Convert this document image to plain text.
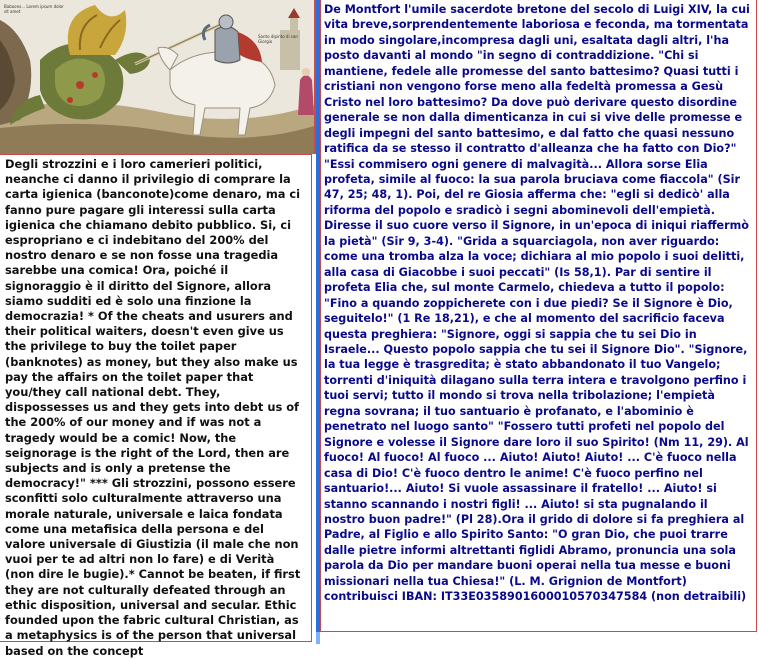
Baboons... Lorem ipsum dolor sit amet
Santo dipinto di san Giorgio
Degli strozzini e i loro camerieri politici, neanche ci danno il privilegio di comprare la carta igienica (banconote)come denaro, ma ci fanno pure pagare gli interessi sulla carta igienica che chiamano debito pubblico. Si, ci espropriano e ci indebitano del 200% del nostro denaro e se non fosse una tragedia sarebbe una comica! Ora, poiché il signoraggio è il diritto del Signore, allora siamo sudditi ed è solo una finzione la democrazia! * Of the cheats and usurers and their political waiters, doesn't even give us the privilege to buy the toilet paper (banknotes) as money, but they also make us pay the affairs on the toilet paper that you/they call national debt. They, dispossesses us and they gets into debt us of the 200% of our money and if was not a tragedy would be a comic! Now, the seignorage is the right of the Lord, then are subjects and is only a pretense the democracy!" *** Gli strozzini, possono essere sconfitti solo culturalmente attraverso una morale naturale, universale e laica fondata come una metafisica della persona e del valore universale di Giustizia (il male che non vuoi per te ad altri non lo fare) e di Verità (non dire le bugie).* Cannot be beaten, if first they are not culturally defeated through an ethic disposition, universal and secular. Ethic founded upon the fabric cultural Christian, as a metaphysics is of the person that universal based on the concept
De Montfort l'umile sacerdote bretone del secolo di Luigi XIV, la cui vita breve,sorprendentemente laboriosa e feconda, ma tormentata in modo singolare,incompresa dagli uni, esaltata dagli altri, l'ha posto davanti al mondo "in segno di contraddizione. "Chi si mantiene, fedele alle promesse del santo battesimo? Quasi tutti i cristiani non vengono forse meno alla fedeltà promessa a Gesù Cristo nel loro battesimo? Da dove può derivare questo disordine generale se non dalla dimenticanza in cui si vive delle promesse e degli impegni del santo battesimo, e dal fatto che quasi nessuno ratifica da se stesso il contratto d'alleanza che ha fatto con Dio?" "Essi commisero ogni genere di malvagità... Allora sorse Elia profeta, simile al fuoco: la sua parola bruciava come fiaccola" (Sir 47, 25; 48, 1). Poi, del re Giosia afferma che: "egli si dedicò' alla riforma del popolo e sradicò i segni abominevoli dell'empietà. Diresse il suo cuore verso il Signore, in un'epoca di iniqui riaffermò la pietà" (Sir 9, 3-4). "Grida a squarciagola, non aver riguardo: come una tromba alza la voce; dichiara al mio popolo i suoi delitti, alla casa di Giacobbe i suoi peccati" (Is 58,1). Par di sentire il profeta Elia che, sul monte Carmelo, chiedeva a tutto il popolo: "Fino a quando zoppicherete con i due piedi? Se il Signore è Dio, seguitelo!" (1 Re 18,21), e che al momento del sacrificio faceva questa preghiera: "Signore, oggi si sappia che tu sei Dio in Israele... Questo popolo sappia che tu sei il Signore Dio". "Signore, la tua legge è trasgredita; è stato abbandonato il tuo Vangelo; torrenti d'iniquità dilagano sulla terra intera e travolgono perfino i tuoi servi; tutto il mondo si trova nella tribolazione; l'empietà regna sovrana; il tuo santuario è profanato, e l'abominio è penetrato nel luogo santo" "Fossero tutti profeti nel popolo del Signore e volesse il Signore dare loro il suo Spirito! (Nm 11, 29). Al fuoco! Al fuoco! Al fuoco ... Aiuto! Aiuto! Aiuto! ... C'è fuoco nella casa di Dio! C'è fuoco dentro le anime! C'è fuoco perfino nel santuario!... Aiuto! Si vuole assassinare il fratello! ... Aiuto! si stanno scannando i nostri figli! ... Aiuto! si sta pugnalando il nostro buon padre!" (Pl 28).Ora il grido di dolore si fa preghiera al Padre, al Figlio e allo Spirito Santo: "O gran Dio, che puoi trarre dalle pietre informi altrettanti figlidi Abramo, pronuncia una sola parola da Dio per mandare buoni operai nella tua messe e buoni missionari nella tua Chiesa!" (L. M. Grignion de Montfort) contribuisci IBAN: IT33E0358901600010570347584 (non detraibili)
